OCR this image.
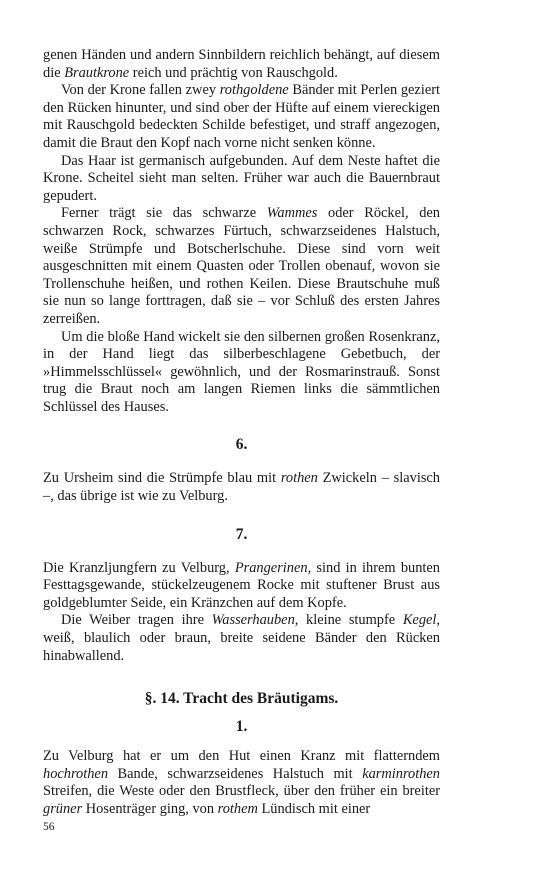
genen Händen und andern Sinnbildern reichlich behängt, auf diesem die Brautkrone reich und prächtig von Rauschgold.

Von der Krone fallen zwey rothgoldene Bänder mit Perlen geziert den Rücken hinunter, und sind ober der Hüfte auf einem viereckigen mit Rauschgold bedeckten Schilde befestiget, und straff angezogen, damit die Braut den Kopf nach vorne nicht senken könne.

Das Haar ist germanisch aufgebunden. Auf dem Neste haftet die Krone. Scheitel sieht man selten. Früher war auch die Bauernbraut gepudert.

Ferner trägt sie das schwarze Wammes oder Röckel, den schwarzen Rock, schwarzes Fürtuch, schwarzseidenes Halstuch, weiße Strümpfe und Botscherlschuhe. Diese sind vorn weit ausgeschnitten mit einem Quasten oder Trollen obenauf, wovon sie Trollenschuhe heißen, und rothen Keilen. Diese Brautschuhe muß sie nun so lange forttragen, daß sie – vor Schluß des ersten Jahres zerreißen.

Um die bloße Hand wickelt sie den silbernen großen Rosenkranz, in der Hand liegt das silberbeschlagene Gebetbuch, der »Himmelsschlüssel« gewöhnlich, und der Rosmarinstrauß. Sonst trug die Braut noch am langen Riemen links die sämmtlichen Schlüssel des Hauses.

6.

Zu Ursheim sind die Strümpfe blau mit rothen Zwickeln – slavisch –, das übrige ist wie zu Velburg.

7.

Die Kranzljungfern zu Velburg, Prangerinen, sind in ihrem bunten Festtagsgewande, stückelzeugenem Rocke mit stuftener Brust aus goldgeblumter Seide, ein Kränzchen auf dem Kopfe.

Die Weiber tragen ihre Wasserhauben, kleine stumpfe Kegel, weiß, blaulich oder braun, breite seidene Bänder den Rücken hinabwallend.

§. 14. Tracht des Bräutigams.
1.

Zu Velburg hat er um den Hut einen Kranz mit flatterndem hochrothen Bande, schwarzseidenes Halstuch mit karminrothen Streifen, die Weste oder den Brustfleck, über den früher ein breiter grüner Hosenträger ging, von rothem Lündisch mit einer

56
